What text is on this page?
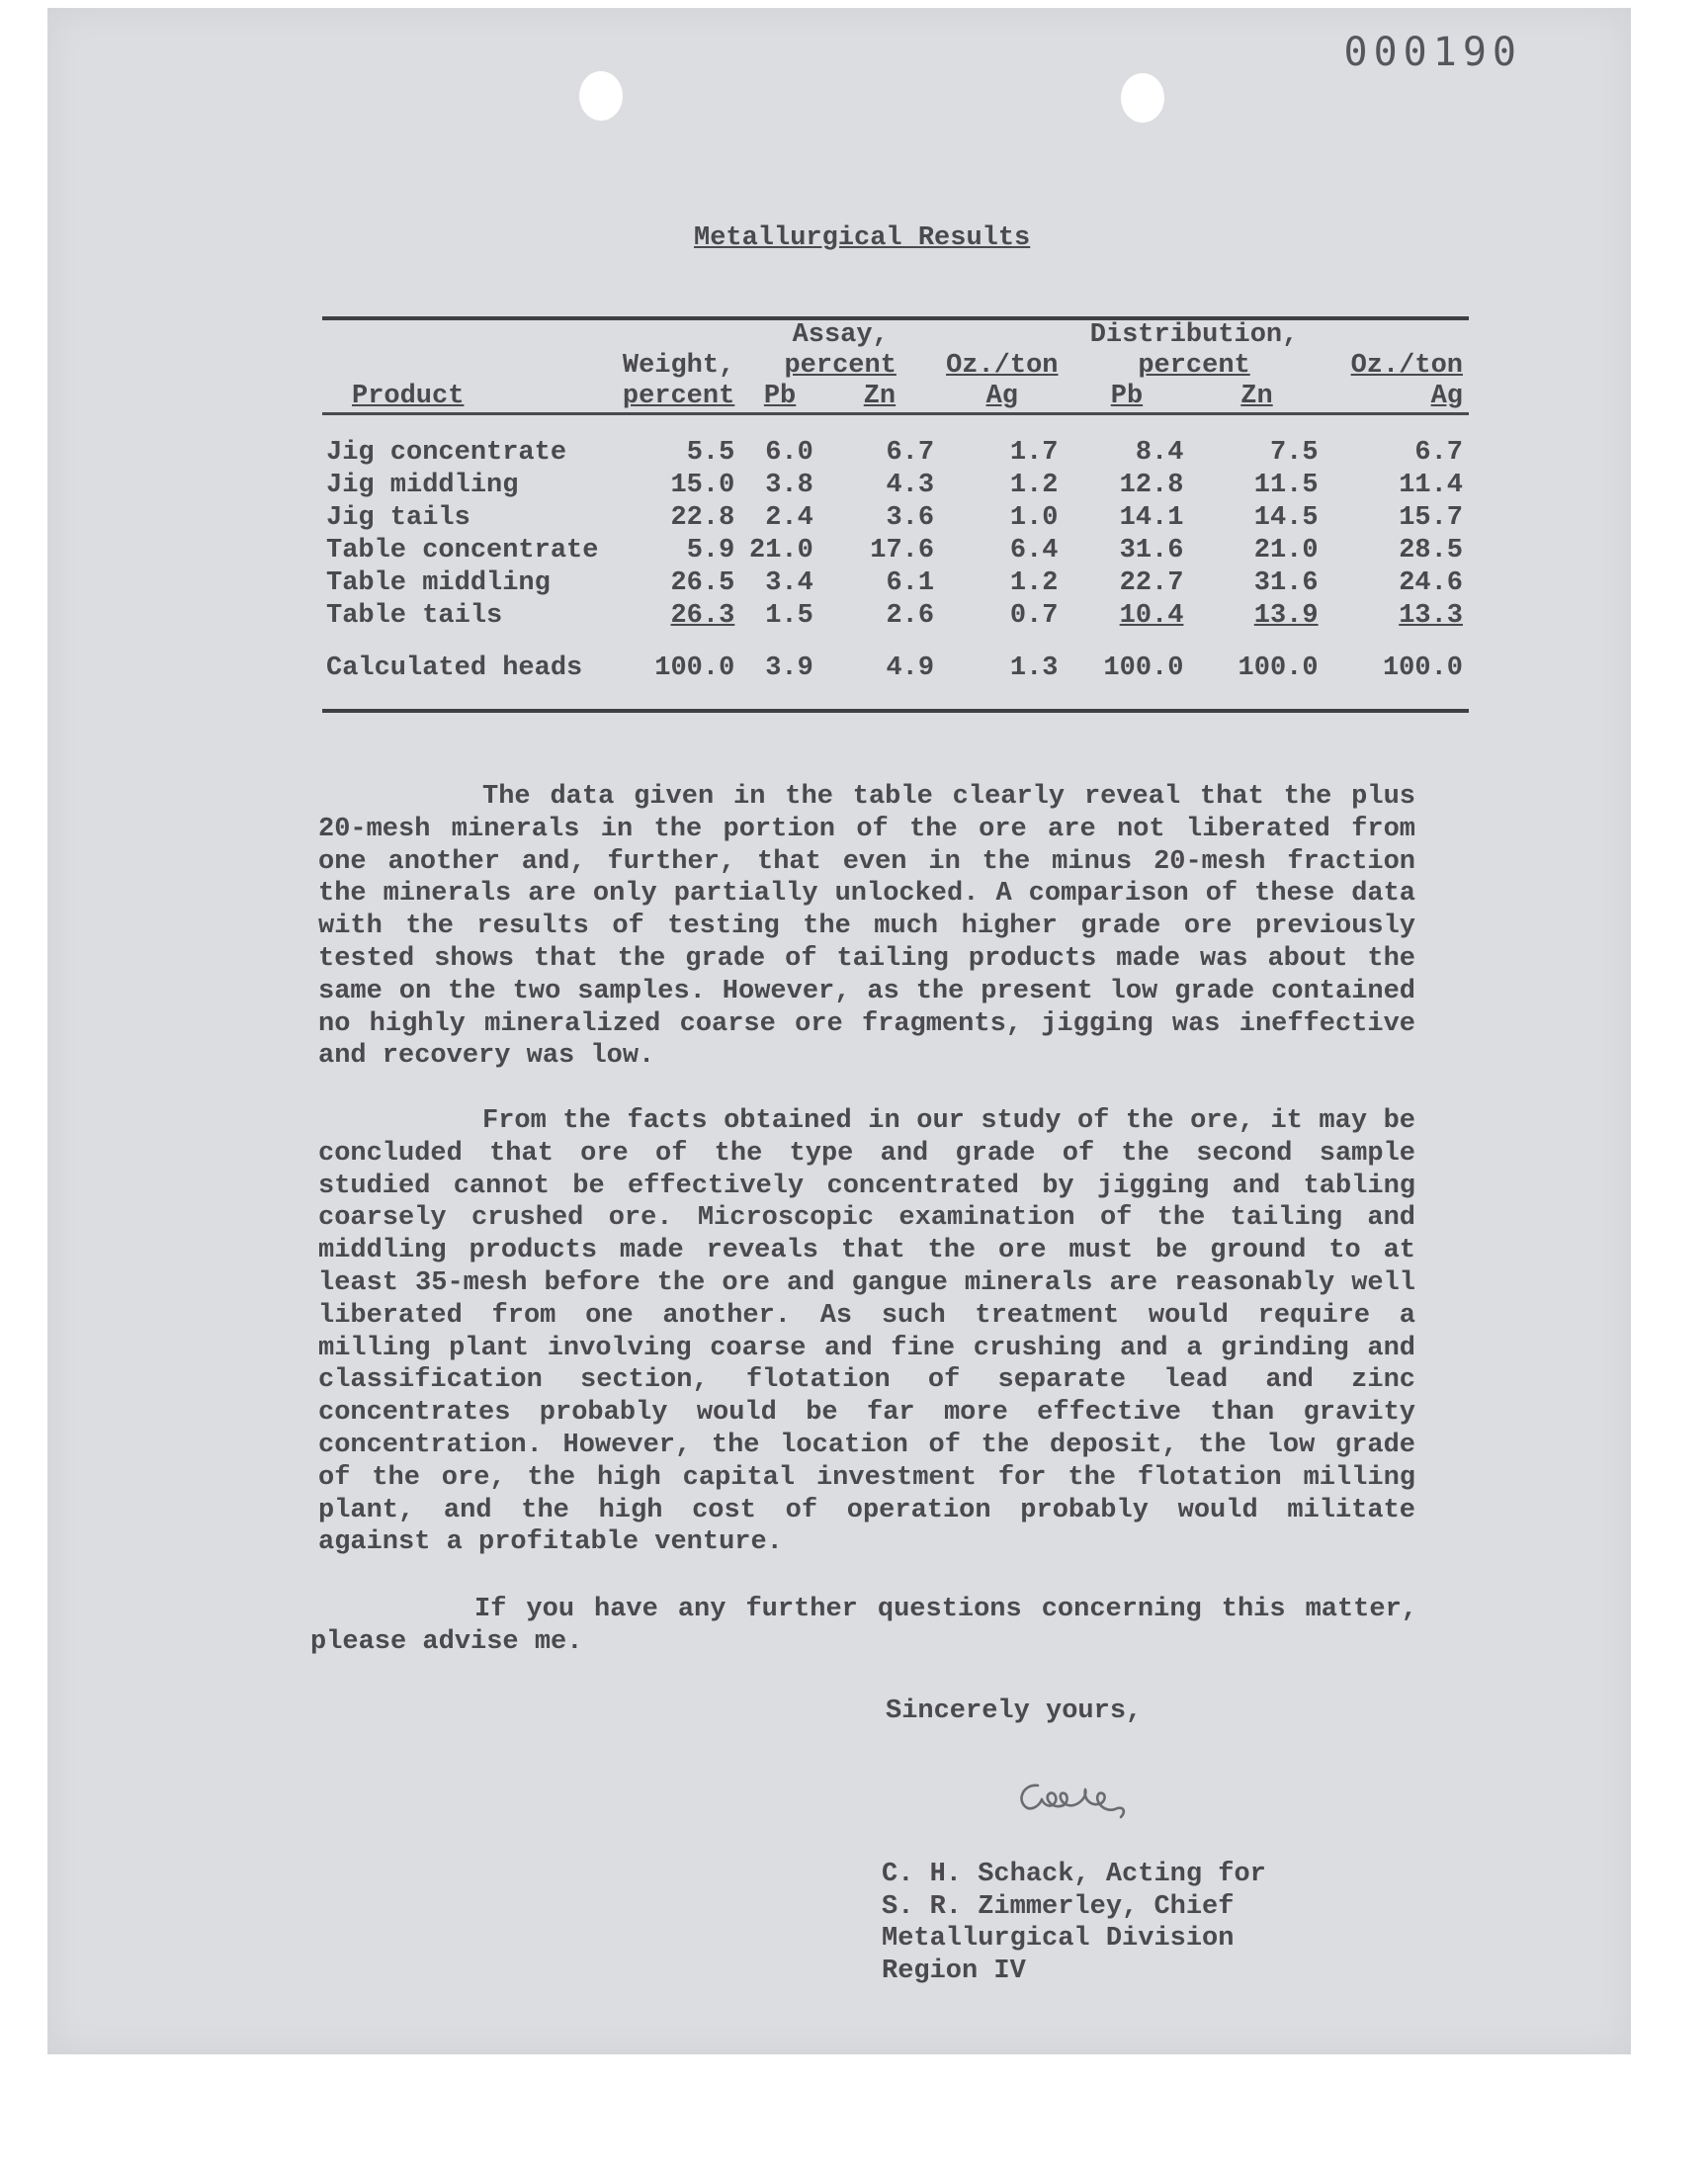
000190
Metallurgical Results
		Assay,			Distribution,		
	Weight,	percent		Oz./ton	percent		Oz./ton
Product	percent	Pb	Zn	Ag	Pb	Zn	Ag

Jig concentrate	5.5	6.0	6.7	1.7	8.4	7.5	6.7
Jig middling	15.0	3.8	4.3	1.2	12.8	11.5	11.4
Jig tails	22.8	2.4	3.6	1.0	14.1	14.5	15.7
Table concentrate	5.9	21.0	17.6	6.4	31.6	21.0	28.5
Table middling	26.5	3.4	6.1	1.2	22.7	31.6	24.6
Table tails	26.3	1.5	2.6	0.7	10.4	13.9	13.3
Calculated heads	100.0	3.9	4.9	1.3	100.0	100.0	100.0

The data given in the table clearly reveal that the plus 20-mesh minerals in the portion of the ore are not liberated from one another and, further, that even in the minus 20-mesh fraction the minerals are only partially unlocked. A comparison of these data with the results of testing the much higher grade ore previously tested shows that the grade of tailing products made was about the same on the two samples. However, as the present low grade contained no highly mineralized coarse ore fragments, jigging was ineffective and recovery was low.

From the facts obtained in our study of the ore, it may be concluded that ore of the type and grade of the second sample studied cannot be effectively concentrated by jigging and tabling coarsely crushed ore. Microscopic examination of the tailing and middling products made reveals that the ore must be ground to at least 35-mesh before the ore and gangue minerals are reasonably well liberated from one another. As such treatment would require a milling plant involving coarse and fine crushing and a grinding and classification section, flotation of separate lead and zinc concentrates probably would be far more effective than gravity concentration. However, the location of the deposit, the low grade of the ore, the high capital investment for the flotation milling plant, and the high cost of operation probably would militate against a profitable venture.

If you have any further questions concerning this matter, please advise me.

Sincerely yours,
C. H. Schack, Acting for
S. R. Zimmerley, Chief
Metallurgical Division
Region IV
